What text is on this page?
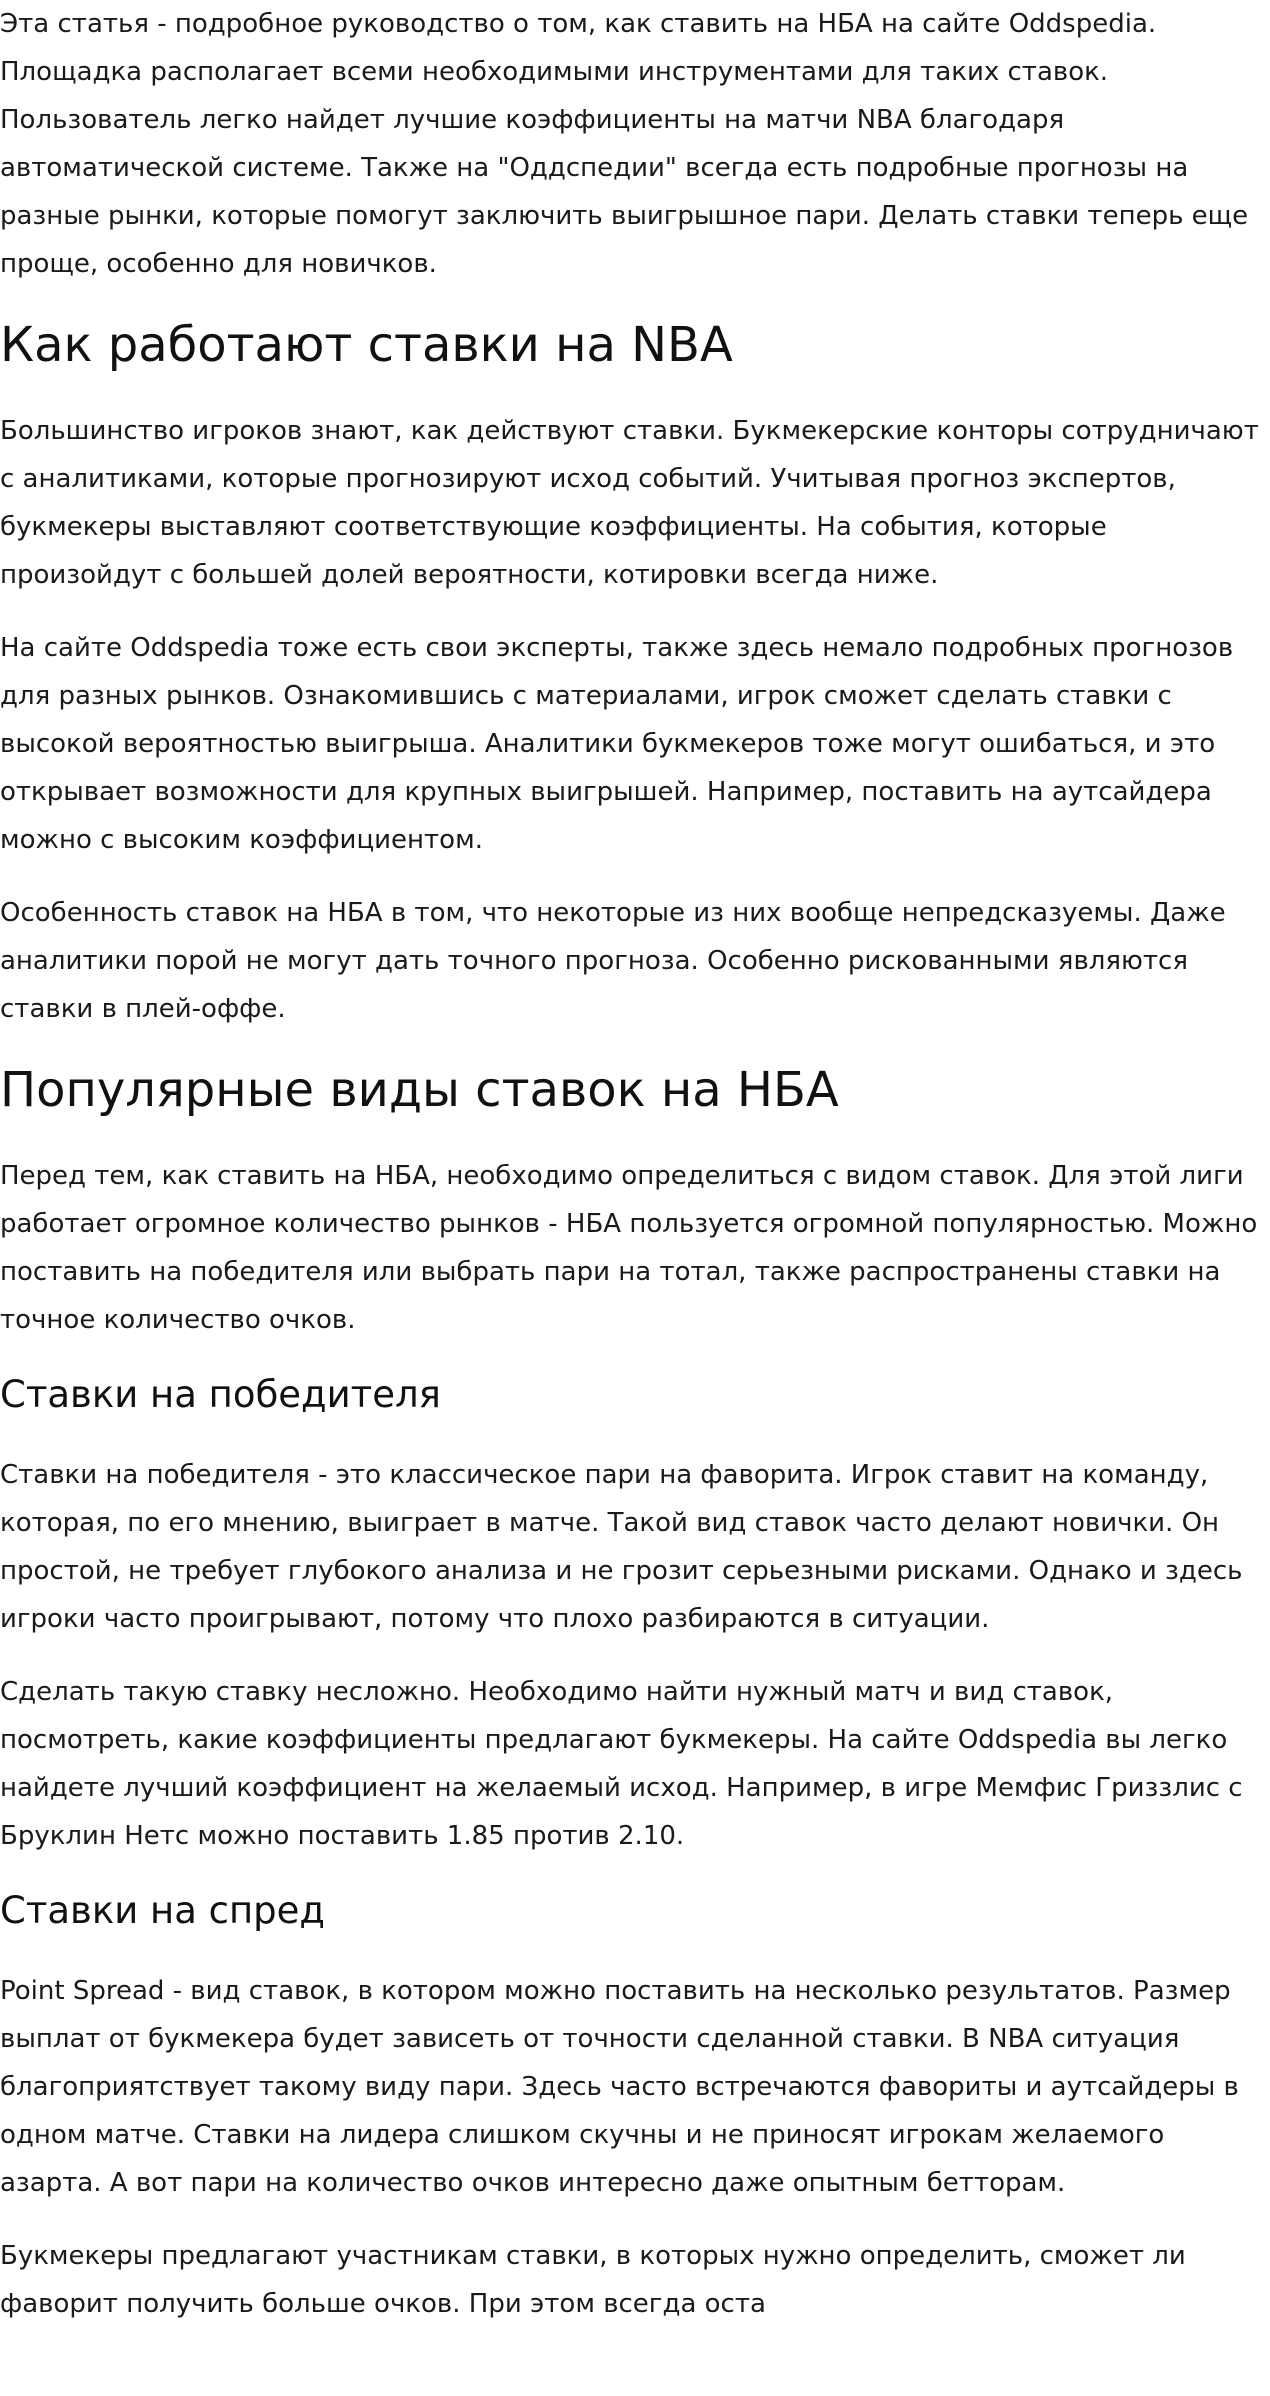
Эта статья - подробное руководство о том, как ставить на НБА на сайте Oddspedia. Площадка располагает всеми необходимыми инструментами для таких ставок. Пользователь легко найдет лучшие коэффициенты на матчи NBA благодаря автоматической системе. Также на "Оддспедии" всегда есть подробные прогнозы на разные рынки, которые помогут заключить выигрышное пари. Делать ставки теперь еще проще, особенно для новичков.

Как работают ставки на NBA

Большинство игроков знают, как действуют ставки. Букмекерские конторы сотрудничают с аналитиками, которые прогнозируют исход событий. Учитывая прогноз экспертов, букмекеры выставляют соответствующие коэффициенты. На события, которые произойдут с большей долей вероятности, котировки всегда ниже.

На сайте Oddspedia тоже есть свои эксперты, также здесь немало подробных прогнозов для разных рынков. Ознакомившись с материалами, игрок сможет сделать ставки с высокой вероятностью выигрыша. Аналитики букмекеров тоже могут ошибаться, и это открывает возможности для крупных выигрышей. Например, поставить на аутсайдера можно с высоким коэффициентом.

Особенность ставок на НБА в том, что некоторые из них вообще непредсказуемы. Даже аналитики порой не могут дать точного прогноза. Особенно рискованными являются ставки в плей-оффе.

Популярные виды ставок на НБА

Перед тем, как ставить на НБА, необходимо определиться с видом ставок. Для этой лиги работает огромное количество рынков - НБА пользуется огромной популярностью. Можно поставить на победителя или выбрать пари на тотал, также распространены ставки на точное количество очков.

Ставки на победителя

Ставки на победителя - это классическое пари на фаворита. Игрок ставит на команду, которая, по его мнению, выиграет в матче. Такой вид ставок часто делают новички. Он простой, не требует глубокого анализа и не грозит серьезными рисками. Однако и здесь игроки часто проигрывают, потому что плохо разбираются в ситуации.

Сделать такую ставку несложно. Необходимо найти нужный матч и вид ставок, посмотреть, какие коэффициенты предлагают букмекеры. На сайте Oddspedia вы легко найдете лучший коэффициент на желаемый исход. Например, в игре Мемфис Гриззлис с Бруклин Нетс можно поставить 1.85 против 2.10.

Ставки на спред

Point Spread - вид ставок, в котором можно поставить на несколько результатов. Размер выплат от букмекера будет зависеть от точности сделанной ставки. В NBA ситуация благоприятствует такому виду пари. Здесь часто встречаются фавориты и аутсайдеры в одном матче. Ставки на лидера слишком скучны и не приносят игрокам желаемого азарта. А вот пари на количество очков интересно даже опытным бетторам.

Букмекеры предлагают участникам ставки, в которых нужно определить, сможет ли фаворит получить больше очков. При этом всегда оста
